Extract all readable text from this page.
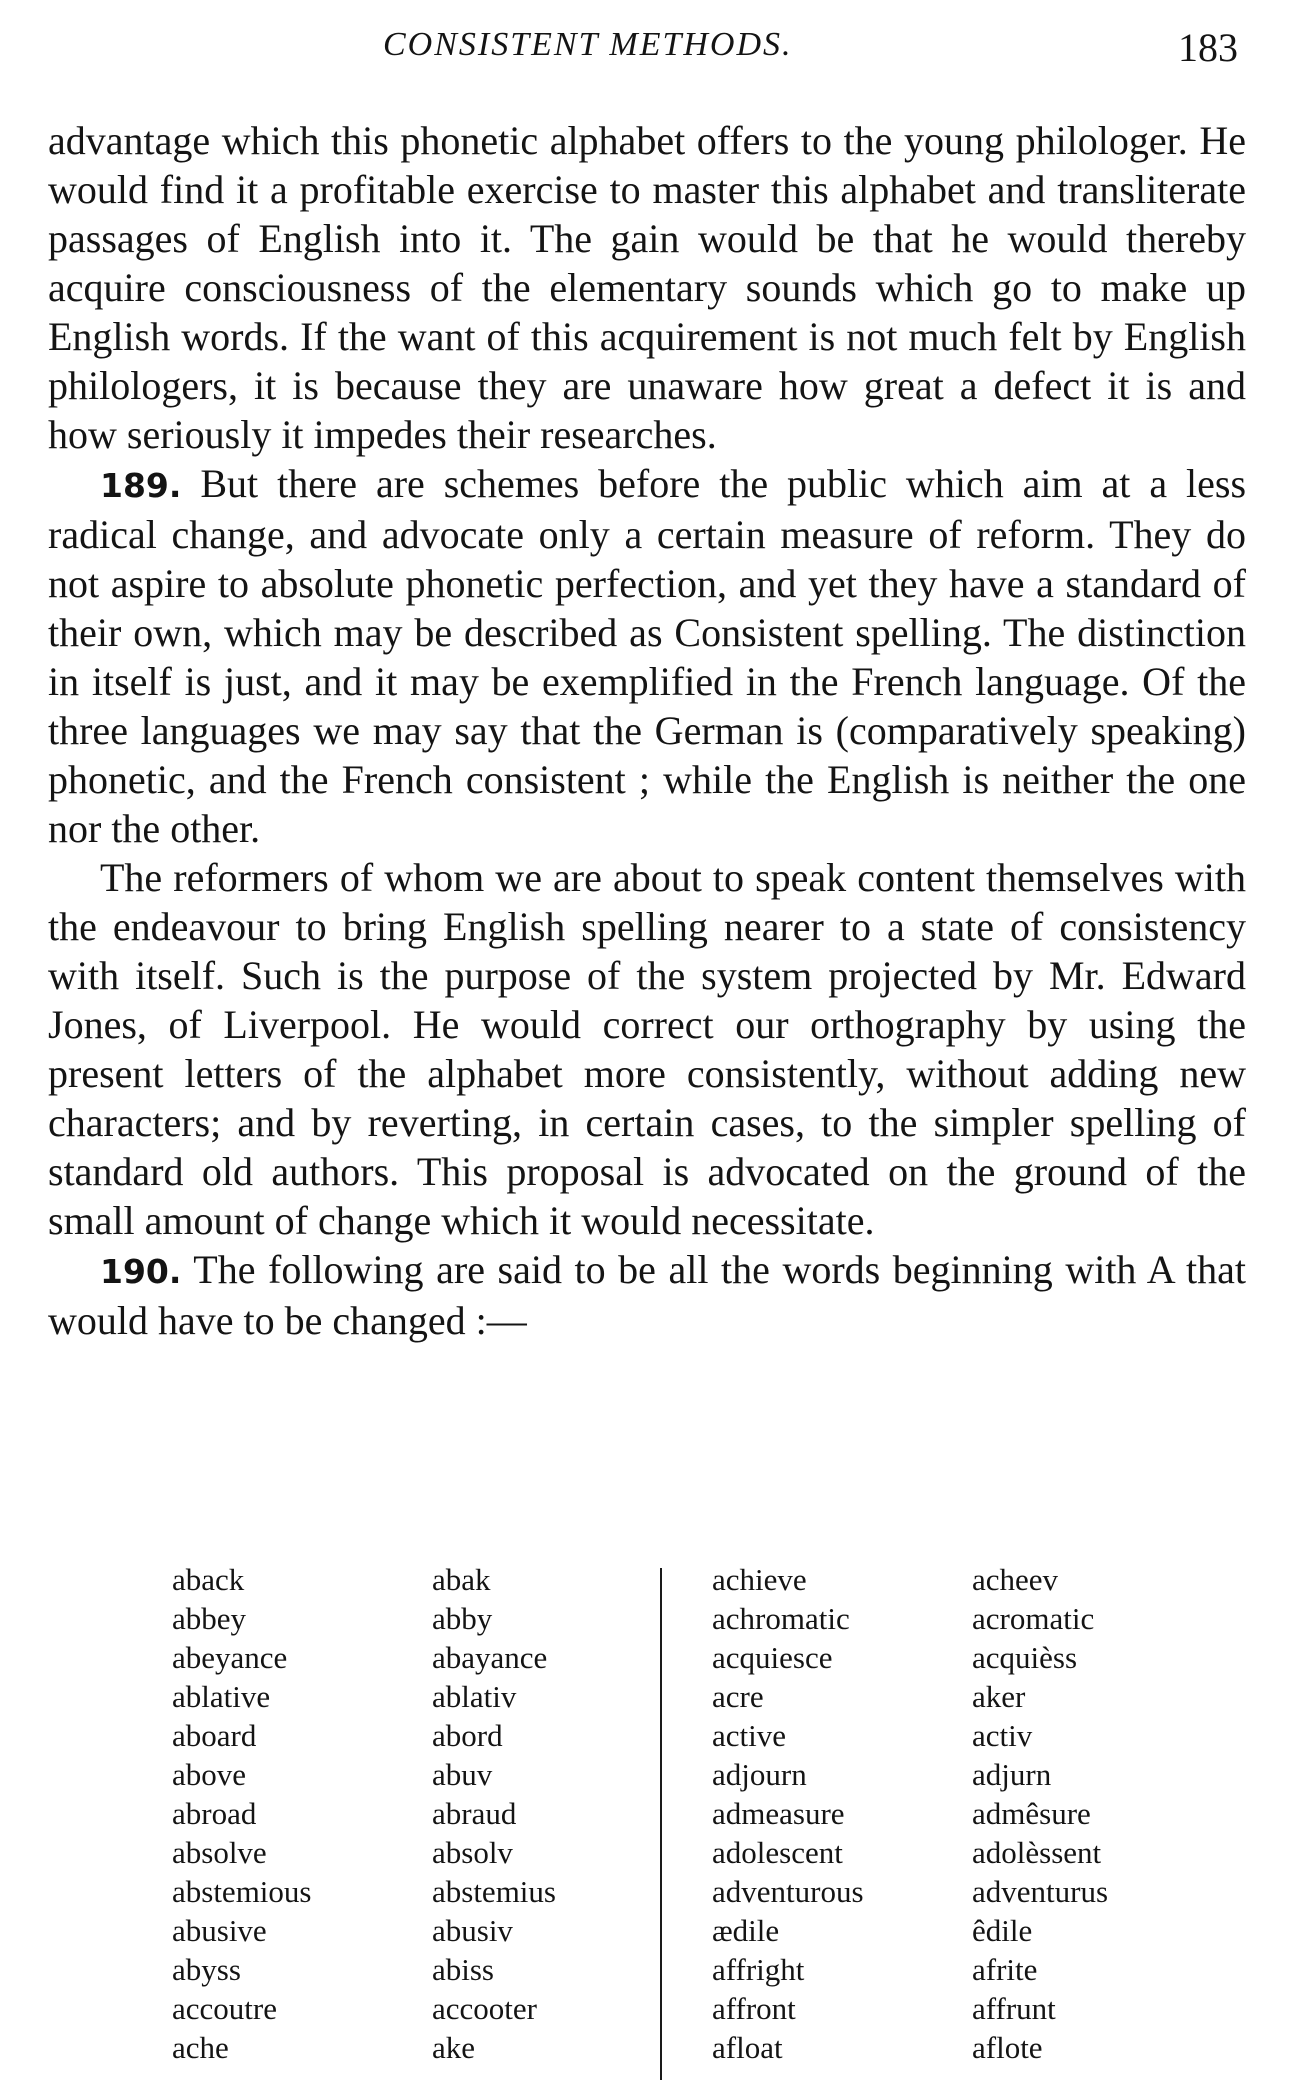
CONSISTENT METHODS.	183

advantage which this phonetic alphabet offers to the young philologer. He would find it a profitable exercise to master this alphabet and transliterate passages of English into it. The gain would be that he would thereby acquire consciousness of the elementary sounds which go to make up English words. If the want of this acquirement is not much felt by English philologers, it is because they are unaware how great a defect it is and how seriously it impedes their researches.

189. But there are schemes before the public which aim at a less radical change, and advocate only a certain measure of reform. They do not aspire to absolute phonetic perfection, and yet they have a standard of their own, which may be described as Consistent spelling. The distinction in itself is just, and it may be exemplified in the French language. Of the three languages we may say that the German is (comparatively speaking) phonetic, and the French consistent ; while the English is neither the one nor the other.

The reformers of whom we are about to speak content themselves with the endeavour to bring English spelling nearer to a state of consistency with itself. Such is the purpose of the system projected by Mr. Edward Jones, of Liverpool. He would correct our orthography by using the present letters of the alphabet more consistently, without adding new characters; and by reverting, in certain cases, to the simpler spelling of standard old authors. This proposal is advocated on the ground of the small amount of change which it would necessitate.

190. The following are said to be all the words beginning with A that would have to be changed :—

aback
abbey
abeyance
ablative
aboard
above
abroad
absolve
abstemious
abusive
abyss
accoutre
ache
abak
abby
abayance
ablativ
abord
abuv
abraud
absolv
abstemius
abusiv
abiss
accooter
ake
achieve
achromatic
acquiesce
acre
active
adjourn
admeasure
adolescent
adventurous
ædile
affright
affront
afloat
acheev
acromatic
acquièss
aker
activ
adjurn
admêsure
adolèssent
adventurus
êdile
afrite
affrunt
aflote
